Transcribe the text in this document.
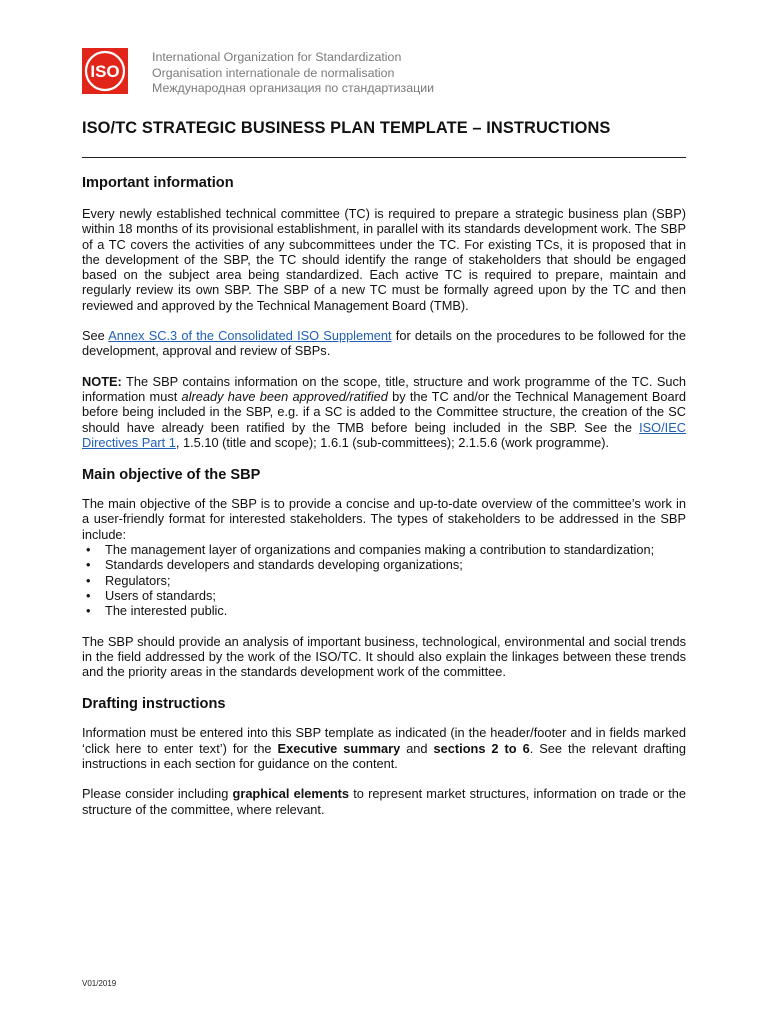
ISO
International Organization for Standardization
Organisation internationale de normalisation
Международная организация по стандартизации
ISO/TC STRATEGIC BUSINESS PLAN TEMPLATE – INSTRUCTIONS
Important information

Every newly established technical committee (TC) is required to prepare a strategic business plan (SBP) within 18 months of its provisional establishment, in parallel with its standards development work. The SBP of a TC covers the activities of any subcommittees under the TC. For existing TCs, it is proposed that in the development of the SBP, the TC should identify the range of stakeholders that should be engaged based on the subject area being standardized. Each active TC is required to prepare, maintain and regularly review its own SBP. The SBP of a new TC must be formally agreed upon by the TC and then reviewed and approved by the Technical Management Board (TMB).

See Annex SC.3 of the Consolidated ISO Supplement for details on the procedures to be followed for the development, approval and review of SBPs.

NOTE: The SBP contains information on the scope, title, structure and work programme of the TC. Such information must already have been approved/ratified by the TC and/or the Technical Management Board before being included in the SBP, e.g. if a SC is added to the Committee structure, the creation of the SC should have already been ratified by the TMB before being included in the SBP. See the ISO/IEC Directives Part 1, 1.5.10 (title and scope); 1.6.1 (sub-committees); 2.1.5.6 (work programme).

Main objective of the SBP

The main objective of the SBP is to provide a concise and up-to-date overview of the committee’s work in a user-friendly format for interested stakeholders. The types of stakeholders to be addressed in the SBP include:

• The management layer of organizations and companies making a contribution to standardization;
• Standards developers and standards developing organizations;
• Regulators;
• Users of standards;
• The interested public.

The SBP should provide an analysis of important business, technological, environmental and social trends in the field addressed by the work of the ISO/TC. It should also explain the linkages between these trends and the priority areas in the standards development work of the committee.

Drafting instructions

Information must be entered into this SBP template as indicated (in the header/footer and in fields marked ‘click here to enter text’) for the Executive summary and sections 2 to 6. See the relevant drafting instructions in each section for guidance on the content.

Please consider including graphical elements to represent market structures, information on trade or the structure of the committee, where relevant.

V01/2019
